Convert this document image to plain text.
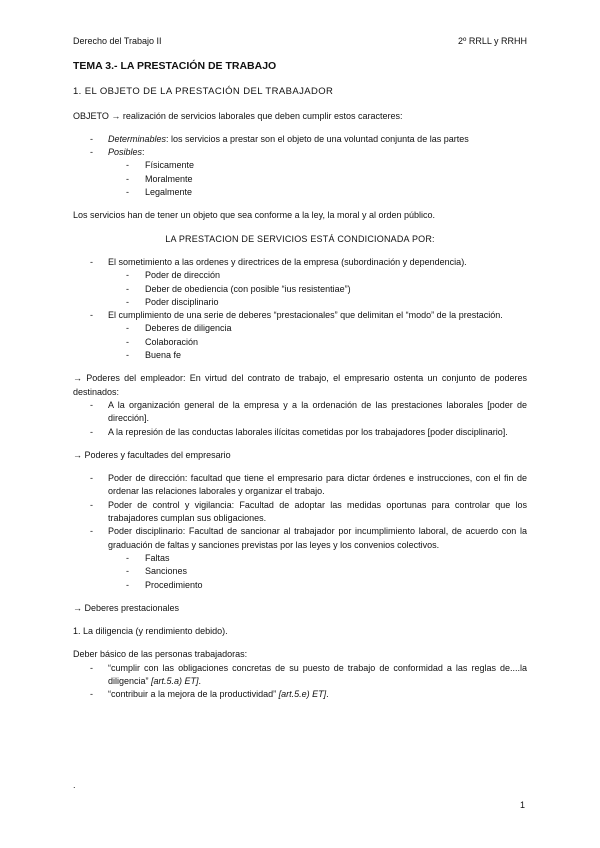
Derecho del Trabajo II	2º RRLL y RRHH

TEMA 3.- LA PRESTACIÓN DE TRABAJO

1. EL OBJETO DE LA PRESTACIÓN DEL TRABAJADOR

OBJETO → realización de servicios laborales que deben cumplir estos caracteres:

- Determinables: los servicios a prestar son el objeto de una voluntad conjunta de las partes
- Posibles:
- Físicamente
- Moralmente
- Legalmente

Los servicios han de tener un objeto que sea conforme a la ley, la moral y al orden público.

LA PRESTACION DE SERVICIOS ESTÁ CONDICIONADA POR:

- El sometimiento a las ordenes y directrices de la empresa (subordinación y dependencia).
- Poder de dirección
- Deber de obediencia (con posible “ius resistentiae”)
- Poder disciplinario
- El cumplimiento de una serie de deberes “prestacionales” que delimitan el “modo” de la prestación.
- Deberes de diligencia
- Colaboración
- Buena fe

→ Poderes del empleador: En virtud del contrato de trabajo, el empresario ostenta un conjunto de poderes destinados:

- A la organización general de la empresa y a la ordenación de las prestaciones laborales [poder de dirección].
- A la represión de las conductas laborales ilícitas cometidas por los trabajadores [poder disciplinario].

→ Poderes y facultades del empresario

- Poder de dirección: facultad que tiene el empresario para dictar órdenes e instrucciones, con el fin de ordenar las relaciones laborales y organizar el trabajo.
- Poder de control y vigilancia: Facultad de adoptar las medidas oportunas para controlar que los trabajadores cumplan sus obligaciones.
- Poder disciplinario: Facultad de sancionar al trabajador por incumplimiento laboral, de acuerdo con la graduación de faltas y sanciones previstas por las leyes y los convenios colectivos.
- Faltas
- Sanciones
- Procedimiento

→ Deberes prestacionales

1. La diligencia (y rendimiento debido).

Deber básico de las personas trabajadoras:

- “cumplir con las obligaciones concretas de su puesto de trabajo de conformidad a las reglas de....la diligencia” [art.5.a) ET].
- “contribuir a la mejora de la productividad” [art.5.e) ET].
.
1
